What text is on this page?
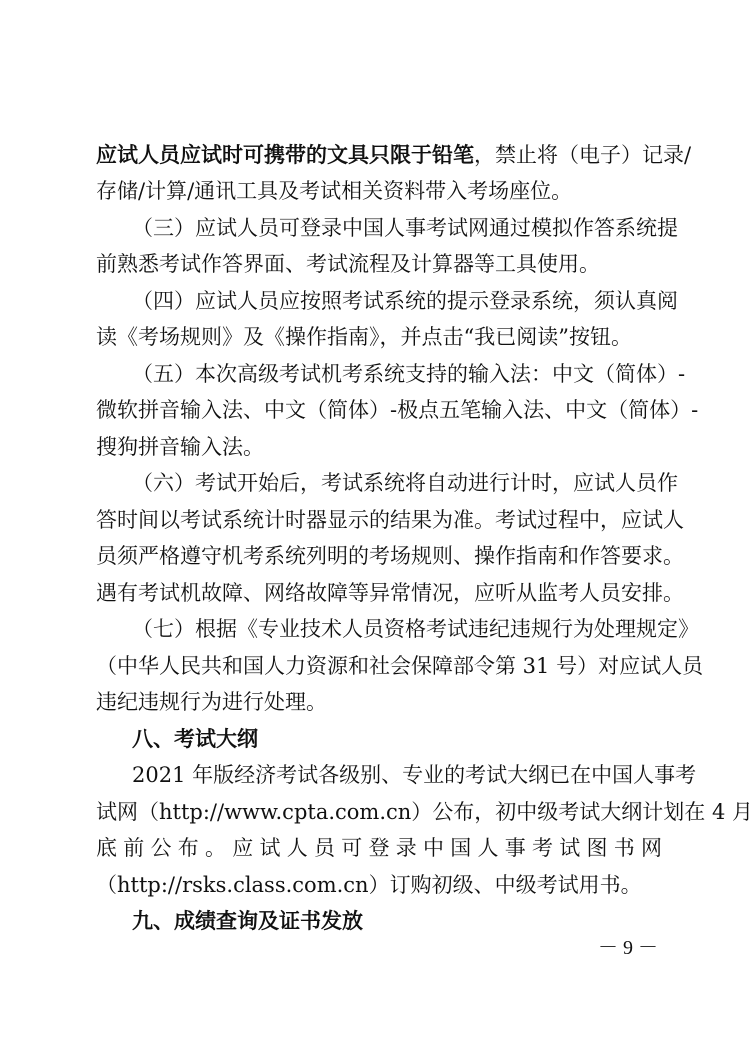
应试人员应试时可携带的文具只限于铅笔，禁止将（电子）记录/
存储/计算/通讯工具及考试相关资料带入考场座位。
（三）应试人员可登录中国人事考试网通过模拟作答系统提
前熟悉考试作答界面、考试流程及计算器等工具使用。
（四）应试人员应按照考试系统的提示登录系统，须认真阅
读《考场规则》及《操作指南》，并点击“我已阅读”按钮。
（五）本次高级考试机考系统支持的输入法：中文（简体）-
微软拼音输入法、中文（简体）-极点五笔输入法、中文（简体）-
搜狗拼音输入法。
（六）考试开始后，考试系统将自动进行计时，应试人员作
答时间以考试系统计时器显示的结果为准。考试过程中，应试人
员须严格遵守机考系统列明的考场规则、操作指南和作答要求。
遇有考试机故障、网络故障等异常情况，应听从监考人员安排。
（七）根据《专业技术人员资格考试违纪违规行为处理规定》
（中华人民共和国人力资源和社会保障部令第 31 号）对应试人员
违纪违规行为进行处理。
八、考试大纲
2021 年版经济考试各级别、专业的考试大纲已在中国人事考
试网（http://www.cpta.com.cn）公布，初中级考试大纲计划在 4 月
底前公布。应试人员可登录中国人事考试图书网
（http://rsks.class.com.cn）订购初级、中级考试用书。
九、成绩查询及证书发放
－ 9 －
